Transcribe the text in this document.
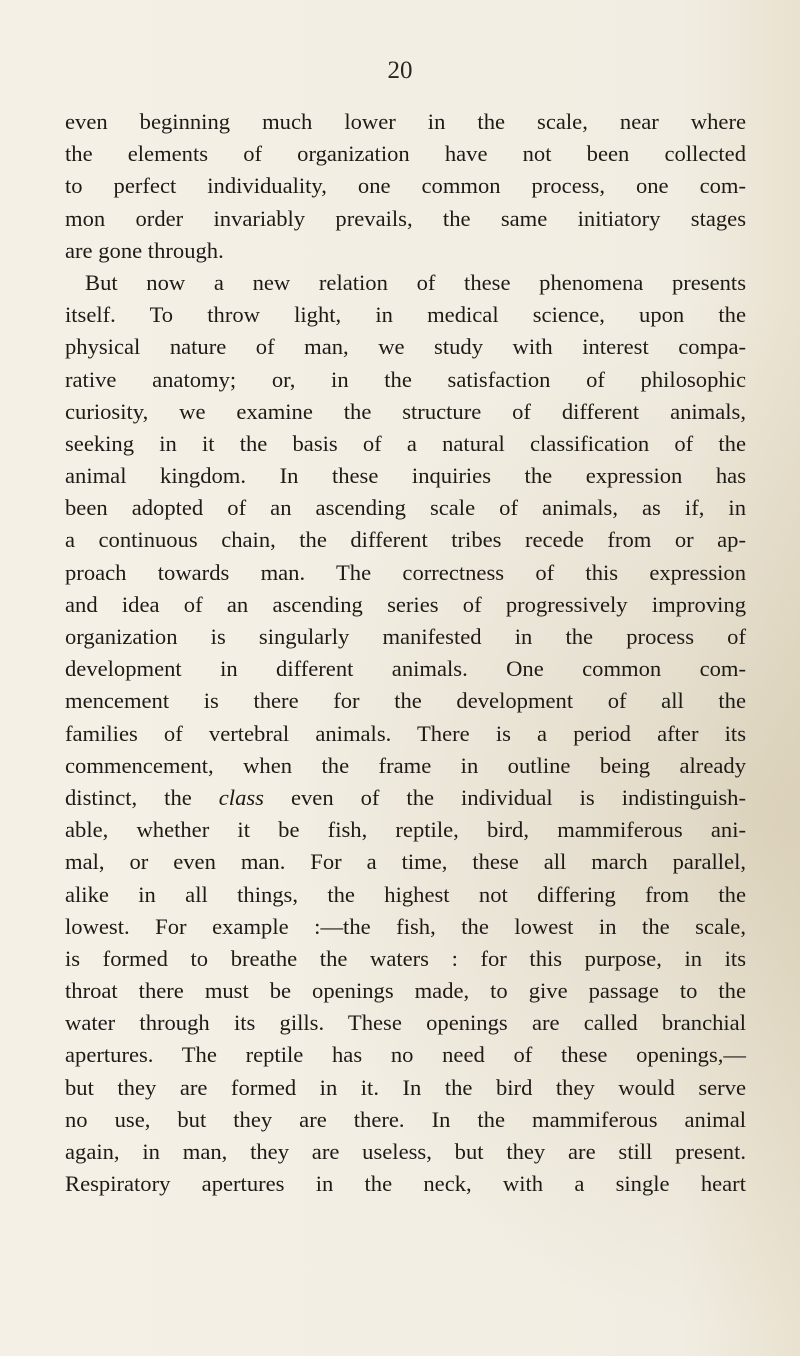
20
even beginning much lower in the scale, near where
the elements of organization have not been collected
to perfect individuality, one common process, one com-
mon order invariably prevails, the same initiatory stages
are gone through.
But now a new relation of these phenomena presents
itself. To throw light, in medical science, upon the
physical nature of man, we study with interest compa-
rative anatomy; or, in the satisfaction of philosophic
curiosity, we examine the structure of different animals,
seeking in it the basis of a natural classification of the
animal kingdom. In these inquiries the expression has
been adopted of an ascending scale of animals, as if, in
a continuous chain, the different tribes recede from or ap-
proach towards man. The correctness of this expression
and idea of an ascending series of progressively improving
organization is singularly manifested in the process of
development in different animals. One common com-
mencement is there for the development of all the
families of vertebral animals. There is a period after its
commencement, when the frame in outline being already
distinct, the class even of the individual is indistinguish-
able, whether it be fish, reptile, bird, mammiferous ani-
mal, or even man. For a time, these all march parallel,
alike in all things, the highest not differing from the
lowest. For example :—the fish, the lowest in the scale,
is formed to breathe the waters : for this purpose, in its
throat there must be openings made, to give passage to the
water through its gills. These openings are called branchial
apertures. The reptile has no need of these openings,—
but they are formed in it. In the bird they would serve
no use, but they are there. In the mammiferous animal
again, in man, they are useless, but they are still present.
Respiratory apertures in the neck, with a single heart
